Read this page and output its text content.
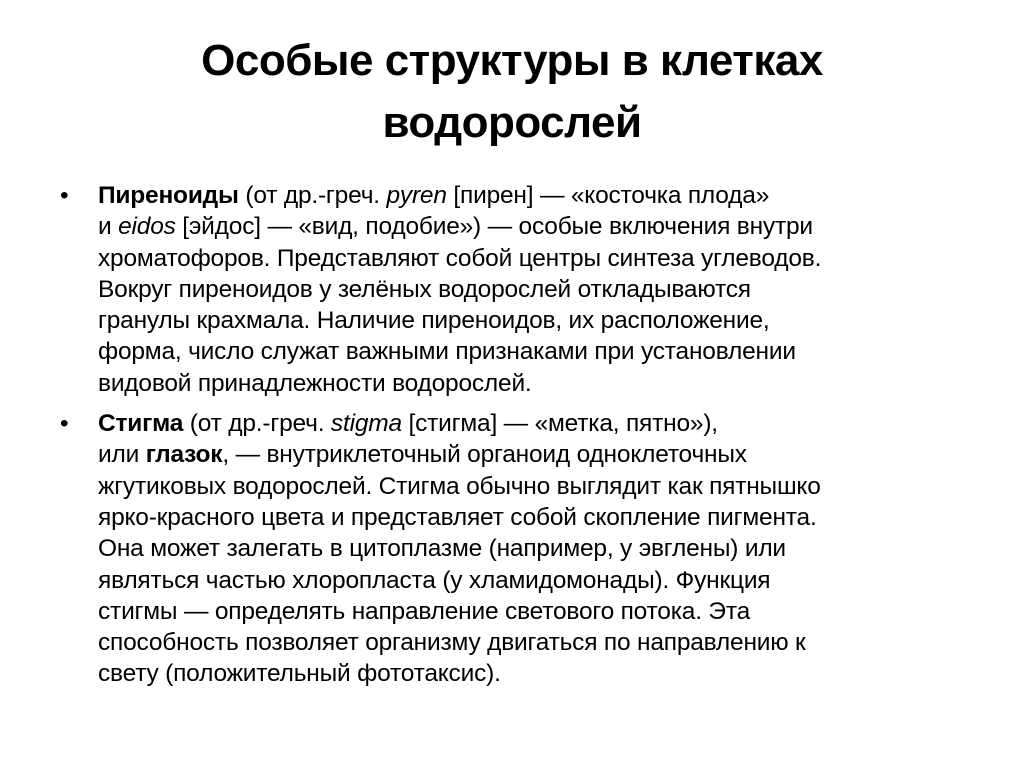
Особые структуры в клетках
водорослей
•	Пиреноиды (от др.-греч. pyren [пирен] — «косточка плода»
и eidos [эйдос] — «вид, подобие») — особые включения внутри
хроматофоров. Представляют собой центры синтеза углеводов.
Вокруг пиреноидов у зелёных водорослей откладываются
гранулы крахмала. Наличие пиреноидов, их расположение,
форма, число служат важными признаками при установлении
видовой принадлежности водорослей.
•	Стигма (от др.-греч. stigma [стигма] — «метка, пятно»),
или глазок, — внутриклеточный органоид одноклеточных
жгутиковых водорослей. Стигма обычно выглядит как пятнышко
ярко-красного цвета и представляет собой скопление пигмента.
Она может залегать в цитоплазме (например, у эвглены) или
являться частью хлоропласта (у хламидомонады). Функция
стигмы — определять направление светового потока. Эта
способность позволяет организму двигаться по направлению к
свету (положительный фототаксис).
